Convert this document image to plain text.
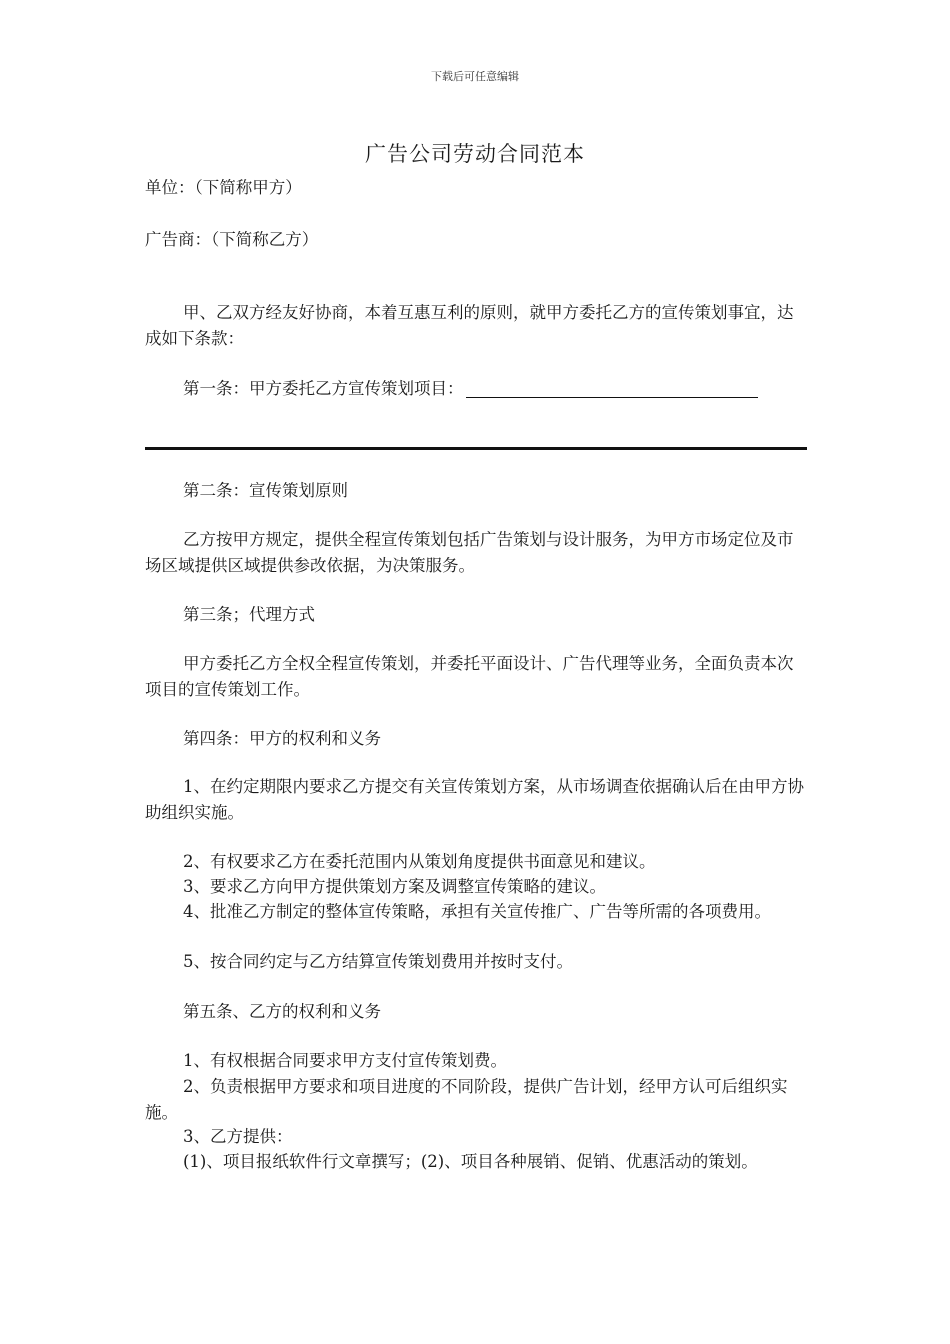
下载后可任意编辑
广告公司劳动合同范本
单位：（下简称甲方）
广告商：（下简称乙方）
甲、乙双方经友好协商，本着互惠互利的原则，就甲方委托乙方的宣传策划事宜，达成如下条款：
第一条：甲方委托乙方宣传策划项目：
第二条：宣传策划原则
乙方按甲方规定，提供全程宣传策划包括广告策划与设计服务，为甲方市场定位及市场区域提供区域提供参改依据，为决策服务。
第三条；代理方式
甲方委托乙方全权全程宣传策划，并委托平面设计、广告代理等业务，全面负责本次项目的宣传策划工作。
第四条：甲方的权利和义务
1、在约定期限内要求乙方提交有关宣传策划方案，从市场调查依据确认后在由甲方协助组织实施。
2、有权要求乙方在委托范围内从策划角度提供书面意见和建议。
3、要求乙方向甲方提供策划方案及调整宣传策略的建议。
4、批准乙方制定的整体宣传策略，承担有关宣传推广、广告等所需的各项费用。
5、按合同约定与乙方结算宣传策划费用并按时支付。
第五条、乙方的权利和义务
1、有权根据合同要求甲方支付宣传策划费。
2、负责根据甲方要求和项目进度的不同阶段，提供广告计划，经甲方认可后组织实施。
3、乙方提供：
(1)、项目报纸软件行文章撰写；(2)、项目各种展销、促销、优惠活动的策划。
